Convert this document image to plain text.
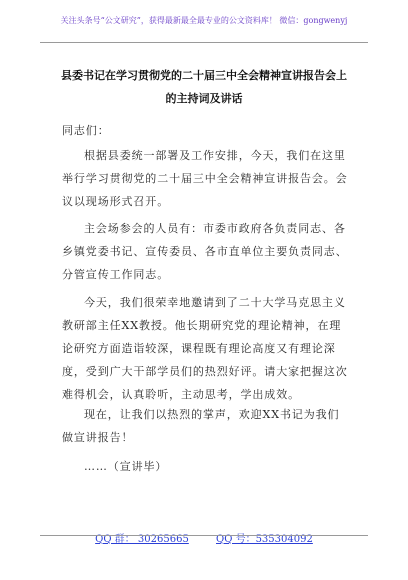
关注头条号“公文研究”，获得最新最全最专业的公文资料库！ 微信：gongwenyj
县委书记在学习贯彻党的二十届三中全会精神宣讲报告会上的主持词及讲话

同志们：

根据县委统一部署及工作安排，今天，我们在这里举行学习贯彻党的二十届三中全会精神宣讲报告会。会议以现场形式召开。

主会场参会的人员有：市委市政府各负责同志、各乡镇党委书记、宣传委员、各市直单位主要负责同志、分管宣传工作同志。

今天，我们很荣幸地邀请到了二十大学马克思主义教研部主任XX教授。他长期研究党的理论精神，在理论研究方面造诣较深，课程既有理论高度又有理论深度，受到广大干部学员们的热烈好评。请大家把握这次难得机会，认真聆听，主动思考，学出成效。

现在，让我们以热烈的掌声，欢迎XX书记为我们做宣讲报告！

……（宣讲毕）

QQ 群： 30265665	QQ 号：535304092
